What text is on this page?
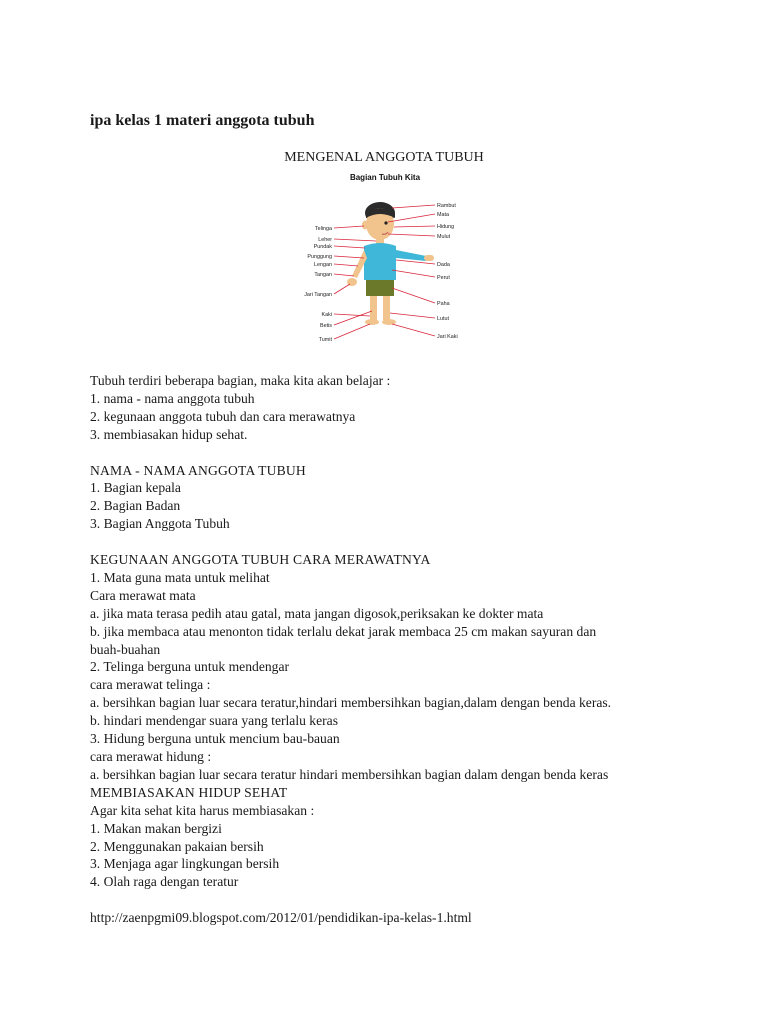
ipa kelas 1 materi anggota tubuh
MENGENAL ANGGOTA TUBUH
Bagian Tubuh Kita
Rambut
Mata
Hidung
Mulut
Dada
Perut
Paha
Lutut
Jari Kaki
Telinga
Leher
Pundak
Punggung
Lengan
Tangan
Jari Tangan
Kaki
Betis
Tumit
Tubuh terdiri beberapa bagian, maka kita akan belajar :
1. nama - nama anggota tubuh
2. kegunaan anggota tubuh dan cara merawatnya
3. membiasakan hidup sehat.
NAMA - NAMA ANGGOTA TUBUH
1. Bagian kepala
2. Bagian Badan
3. Bagian Anggota Tubuh
KEGUNAAN ANGGOTA TUBUH CARA MERAWATNYA
1. Mata guna mata untuk melihat
Cara merawat mata
a. jika mata terasa pedih atau gatal, mata jangan digosok,periksakan ke dokter mata
b. jika membaca atau menonton tidak terlalu dekat jarak membaca 25 cm makan sayuran dan
buah-buahan
2. Telinga berguna untuk mendengar
cara merawat telinga :
a. bersihkan bagian luar secara teratur,hindari membersihkan bagian,dalam dengan benda keras.
b. hindari mendengar suara yang terlalu keras
3. Hidung berguna untuk mencium bau-bauan
cara merawat hidung :
a. bersihkan bagian luar secara teratur hindari membersihkan bagian dalam dengan benda keras
MEMBIASAKAN HIDUP SEHAT
Agar kita sehat kita harus membiasakan :
1. Makan makan bergizi
2. Menggunakan pakaian bersih
3. Menjaga agar lingkungan bersih
4. Olah raga dengan teratur
http://zaenpgmi09.blogspot.com/2012/01/pendidikan-ipa-kelas-1.html
